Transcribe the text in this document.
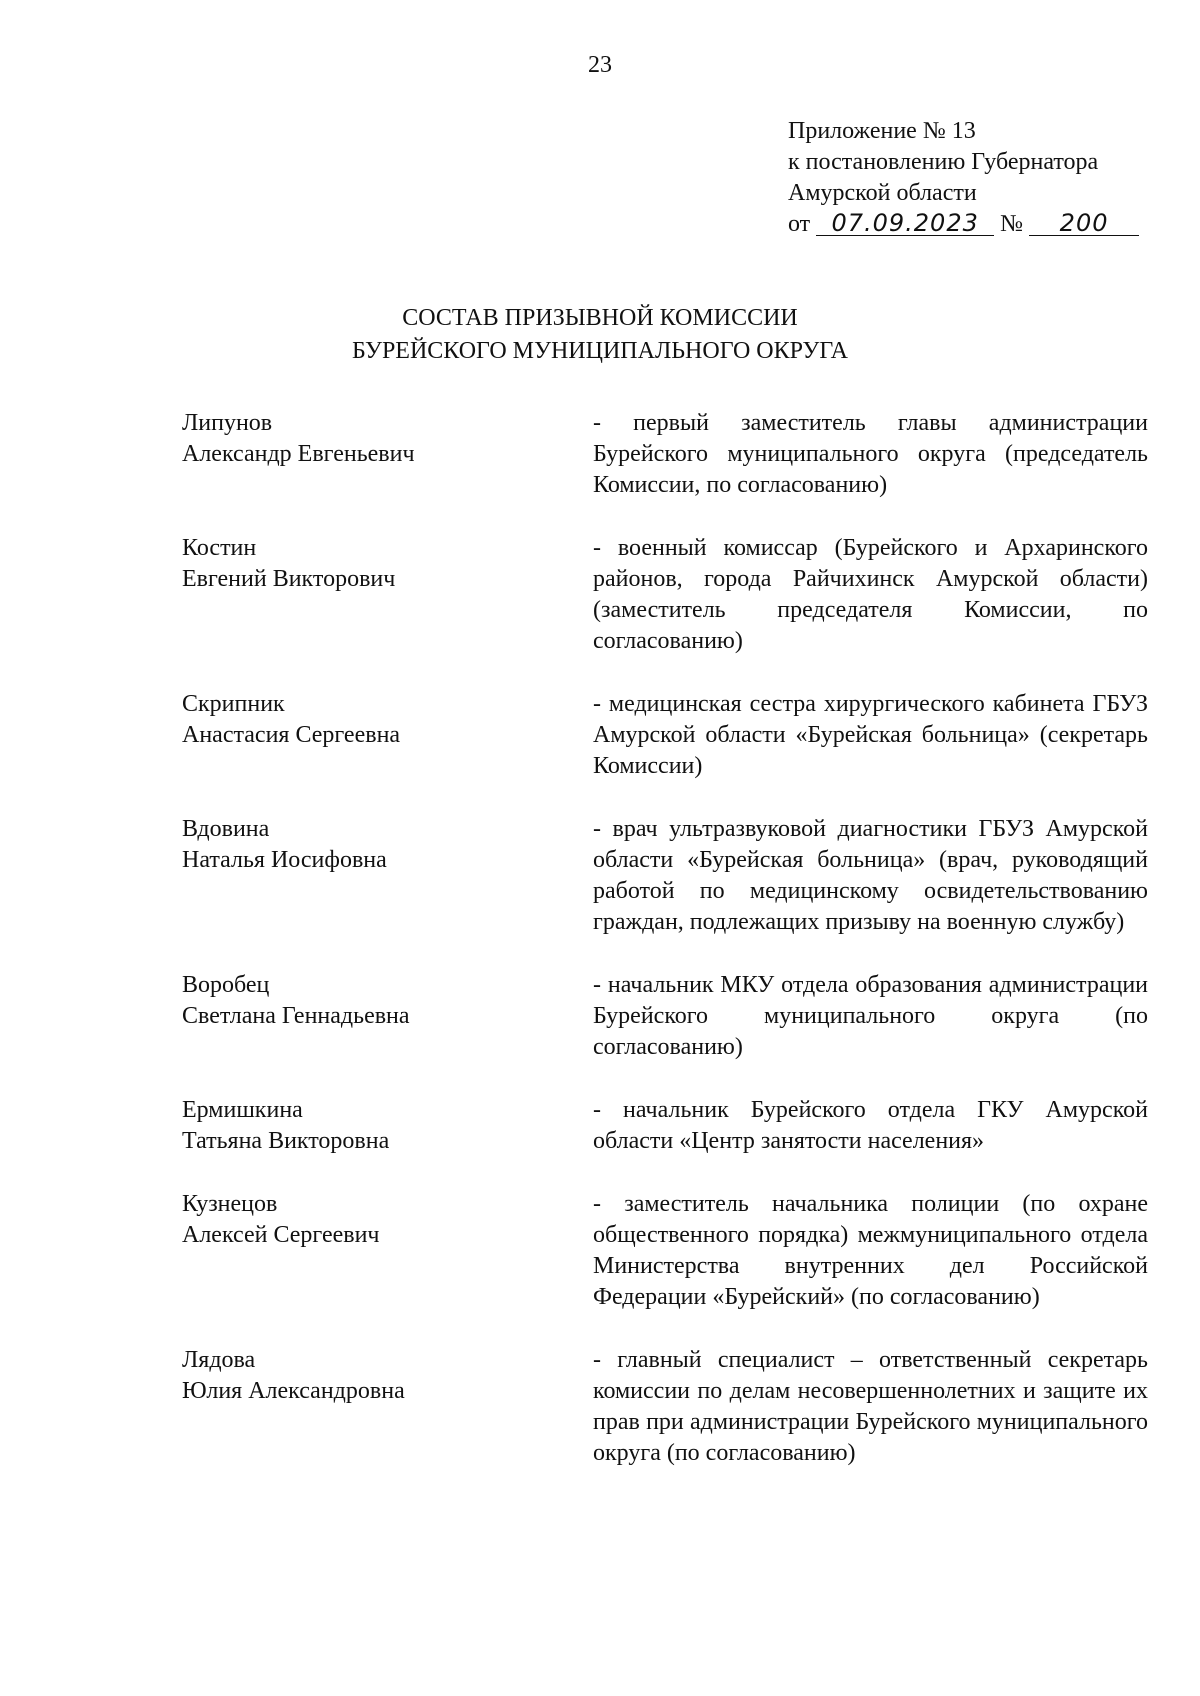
23
Приложение № 13
к постановлению Губернатора
Амурской области
от 07.09.2023 № 200
СОСТАВ ПРИЗЫВНОЙ КОМИССИИ
БУРЕЙСКОГО МУНИЦИПАЛЬНОГО ОКРУГА
Липунов
Александр Евгеньевич
- первый заместитель главы администрации Бурейского муниципального округа (председатель Комиссии, по согласованию)
Костин
Евгений Викторович
- военный комиссар (Бурейского и Архаринского районов, города Райчихинск Амурской области) (заместитель председателя Комиссии, по согласованию)
Скрипник
Анастасия Сергеевна
- медицинская сестра хирургического кабинета ГБУЗ Амурской области «Бурейская больница» (секретарь Комиссии)
Вдовина
Наталья Иосифовна
- врач ультразвуковой диагностики ГБУЗ Амурской области «Бурейская больница» (врач, руководящий работой по медицинскому освидетельствованию граждан, подлежащих призыву на военную службу)
Воробец
Светлана Геннадьевна
- начальник МКУ отдела образования администрации Бурейского муниципального округа (по согласованию)
Ермишкина
Татьяна Викторовна
- начальник Бурейского отдела ГКУ Амурской области «Центр занятости населения»
Кузнецов
Алексей Сергеевич
- заместитель начальника полиции (по охране общественного порядка) межмуниципального отдела Министерства внутренних дел Российской Федерации «Бурейский» (по согласованию)
Лядова
Юлия Александровна
- главный специалист – ответственный секретарь комиссии по делам несовершеннолетних и защите их прав при администрации Бурейского муниципального округа (по согласованию)
